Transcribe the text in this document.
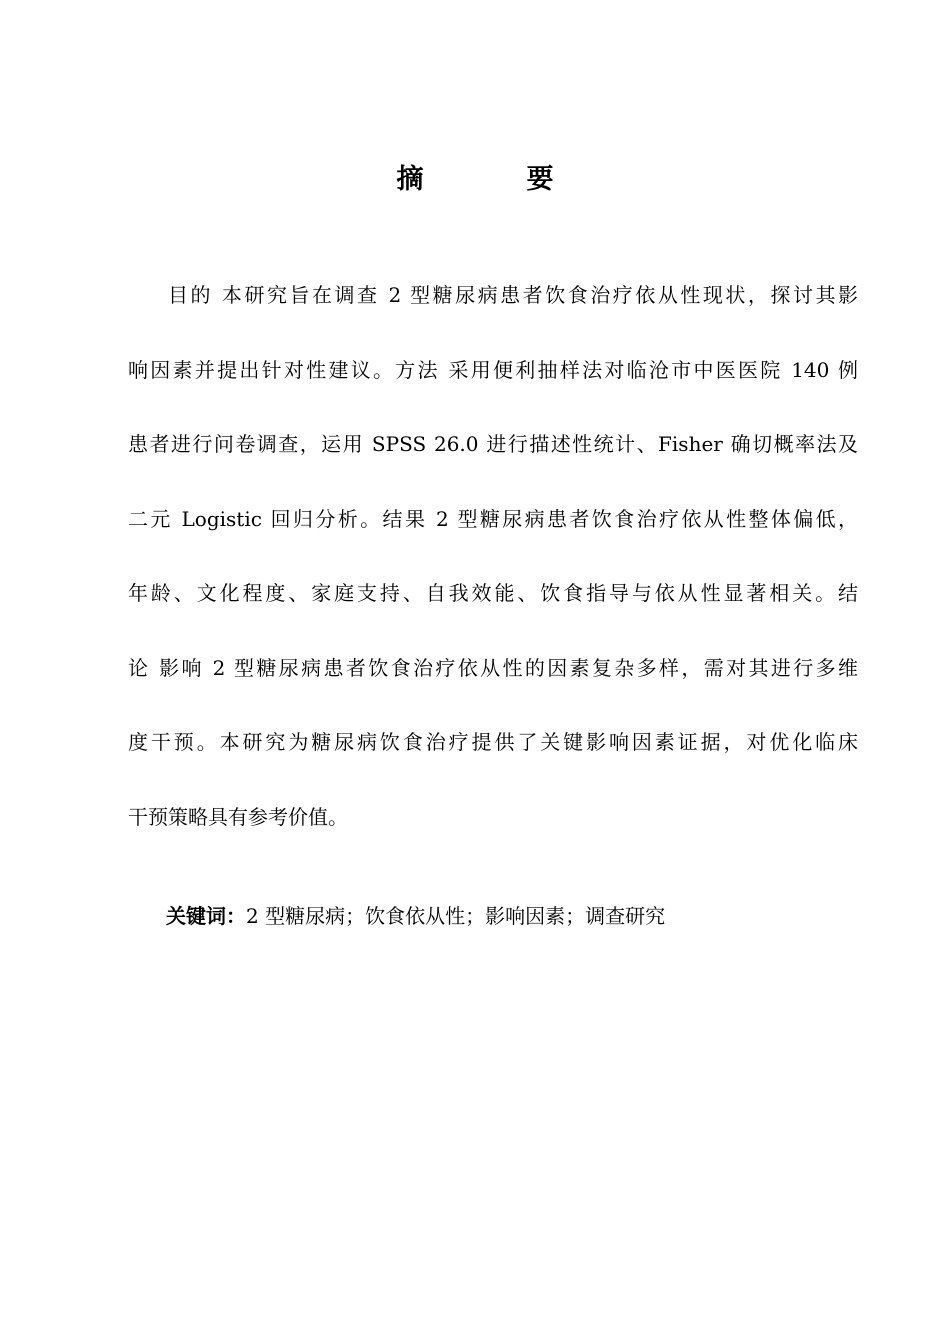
摘　要
目的 本研究旨在调查 2 型糖尿病患者饮食治疗依从性现状，探讨其影
响因素并提出针对性建议。方法 采用便利抽样法对临沧市中医医院 140 例
患者进行问卷调查，运用 SPSS 26.0 进行描述性统计、Fisher 确切概率法及
二元 Logistic 回归分析。结果 2 型糖尿病患者饮食治疗依从性整体偏低，
年龄、文化程度、家庭支持、自我效能、饮食指导与依从性显著相关。结
论 影响 2 型糖尿病患者饮食治疗依从性的因素复杂多样，需对其进行多维
度干预。本研究为糖尿病饮食治疗提供了关键影响因素证据，对优化临床
干预策略具有参考价值。
关键词：2 型糖尿病；饮食依从性；影响因素；调查研究
